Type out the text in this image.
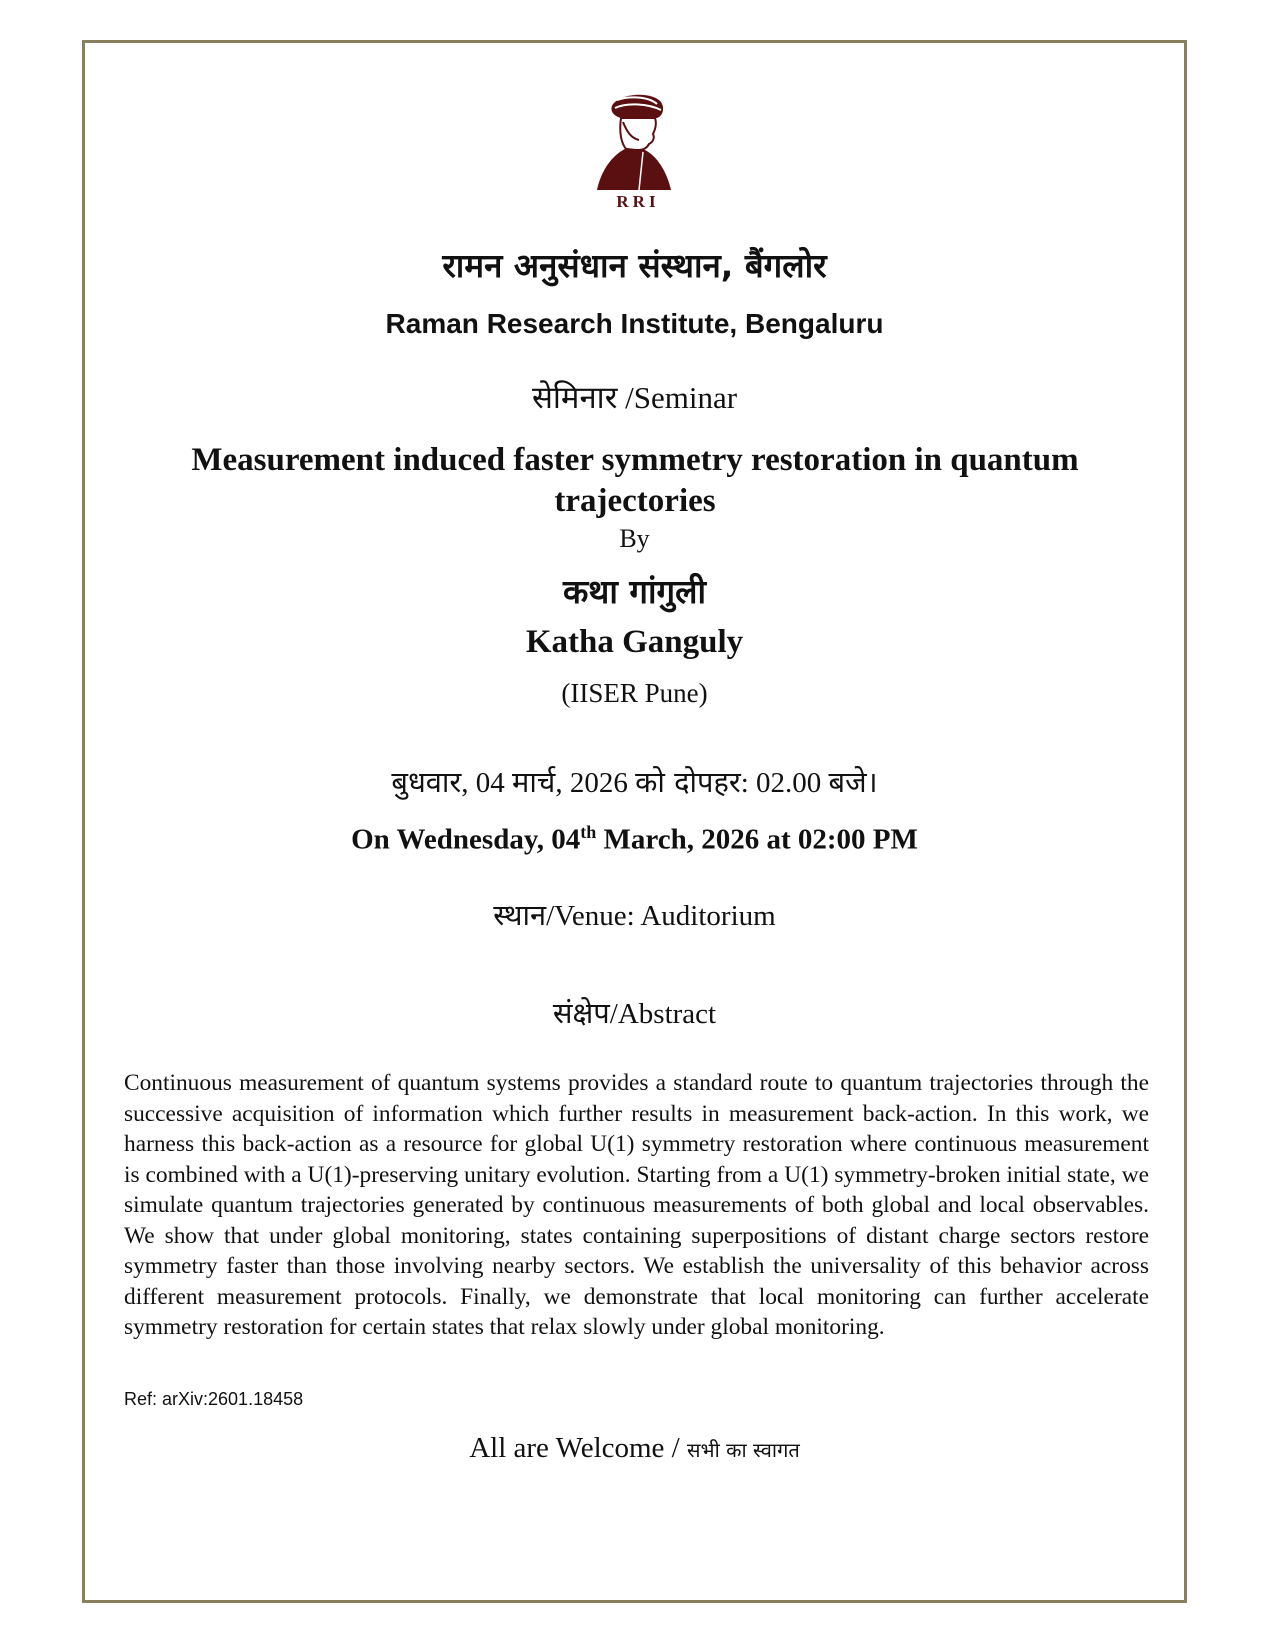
RRI
रामन अनुसंधान संस्थान, बैंगलोर
Raman Research Institute, Bengaluru
सेमिनार /Seminar
Measurement induced faster symmetry restoration in quantum trajectories
By
कथा गांगुली
Katha Ganguly
(IISER Pune)
बुधवार, 04 मार्च, 2026 को दोपहर: 02.00 बजे।
On Wednesday, 04th March, 2026 at 02:00 PM
स्थान/Venue: Auditorium
संक्षेप/Abstract
Continuous measurement of quantum systems provides a standard route to quantum trajectories through the successive acquisition of information which further results in measurement back-action. In this work, we harness this back-action as a resource for global U(1) symmetry restoration where continuous measurement is combined with a U(1)-preserving unitary evolution. Starting from a U(1) symmetry-broken initial state, we simulate quantum trajectories generated by continuous measurements of both global and local observables. We show that under global monitoring, states containing superpositions of distant charge sectors restore symmetry faster than those involving nearby sectors. We establish the universality of this behavior across different measurement protocols. Finally, we demonstrate that local monitoring can further accelerate symmetry restoration for certain states that relax slowly under global monitoring.
Ref: arXiv:2601.18458
All are Welcome / सभी का स्वागत
